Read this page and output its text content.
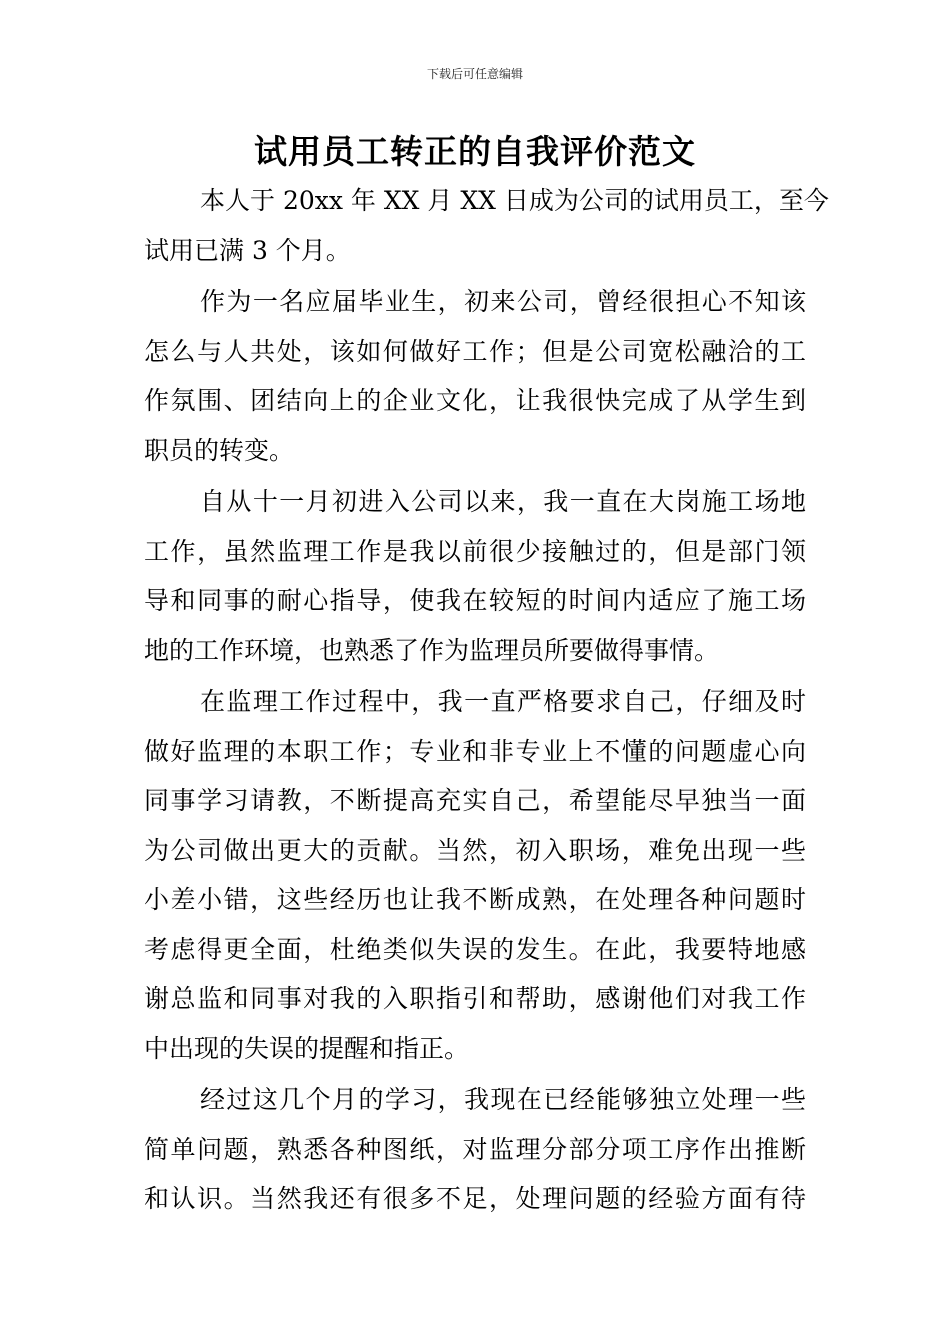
下载后可任意编辑
试用员工转正的自我评价范文
本人于 20xx 年 XX 月 XX 日成为公司的试用员工，至今
试用已满 3 个月。
作为一名应届毕业生，初来公司，曾经很担心不知该
怎么与人共处，该如何做好工作；但是公司宽松融洽的工
作氛围、团结向上的企业文化，让我很快完成了从学生到
职员的转变。
自从十一月初进入公司以来，我一直在大岗施工场地
工作，虽然监理工作是我以前很少接触过的，但是部门领
导和同事的耐心指导，使我在较短的时间内适应了施工场
地的工作环境，也熟悉了作为监理员所要做得事情。
在监理工作过程中，我一直严格要求自己，仔细及时
做好监理的本职工作；专业和非专业上不懂的问题虚心向
同事学习请教，不断提高充实自己，希望能尽早独当一面
为公司做出更大的贡献。当然，初入职场，难免出现一些
小差小错，这些经历也让我不断成熟，在处理各种问题时
考虑得更全面，杜绝类似失误的发生。在此，我要特地感
谢总监和同事对我的入职指引和帮助，感谢他们对我工作
中出现的失误的提醒和指正。
经过这几个月的学习，我现在已经能够独立处理一些
简单问题，熟悉各种图纸，对监理分部分项工序作出推断
和认识。当然我还有很多不足，处理问题的经验方面有待
